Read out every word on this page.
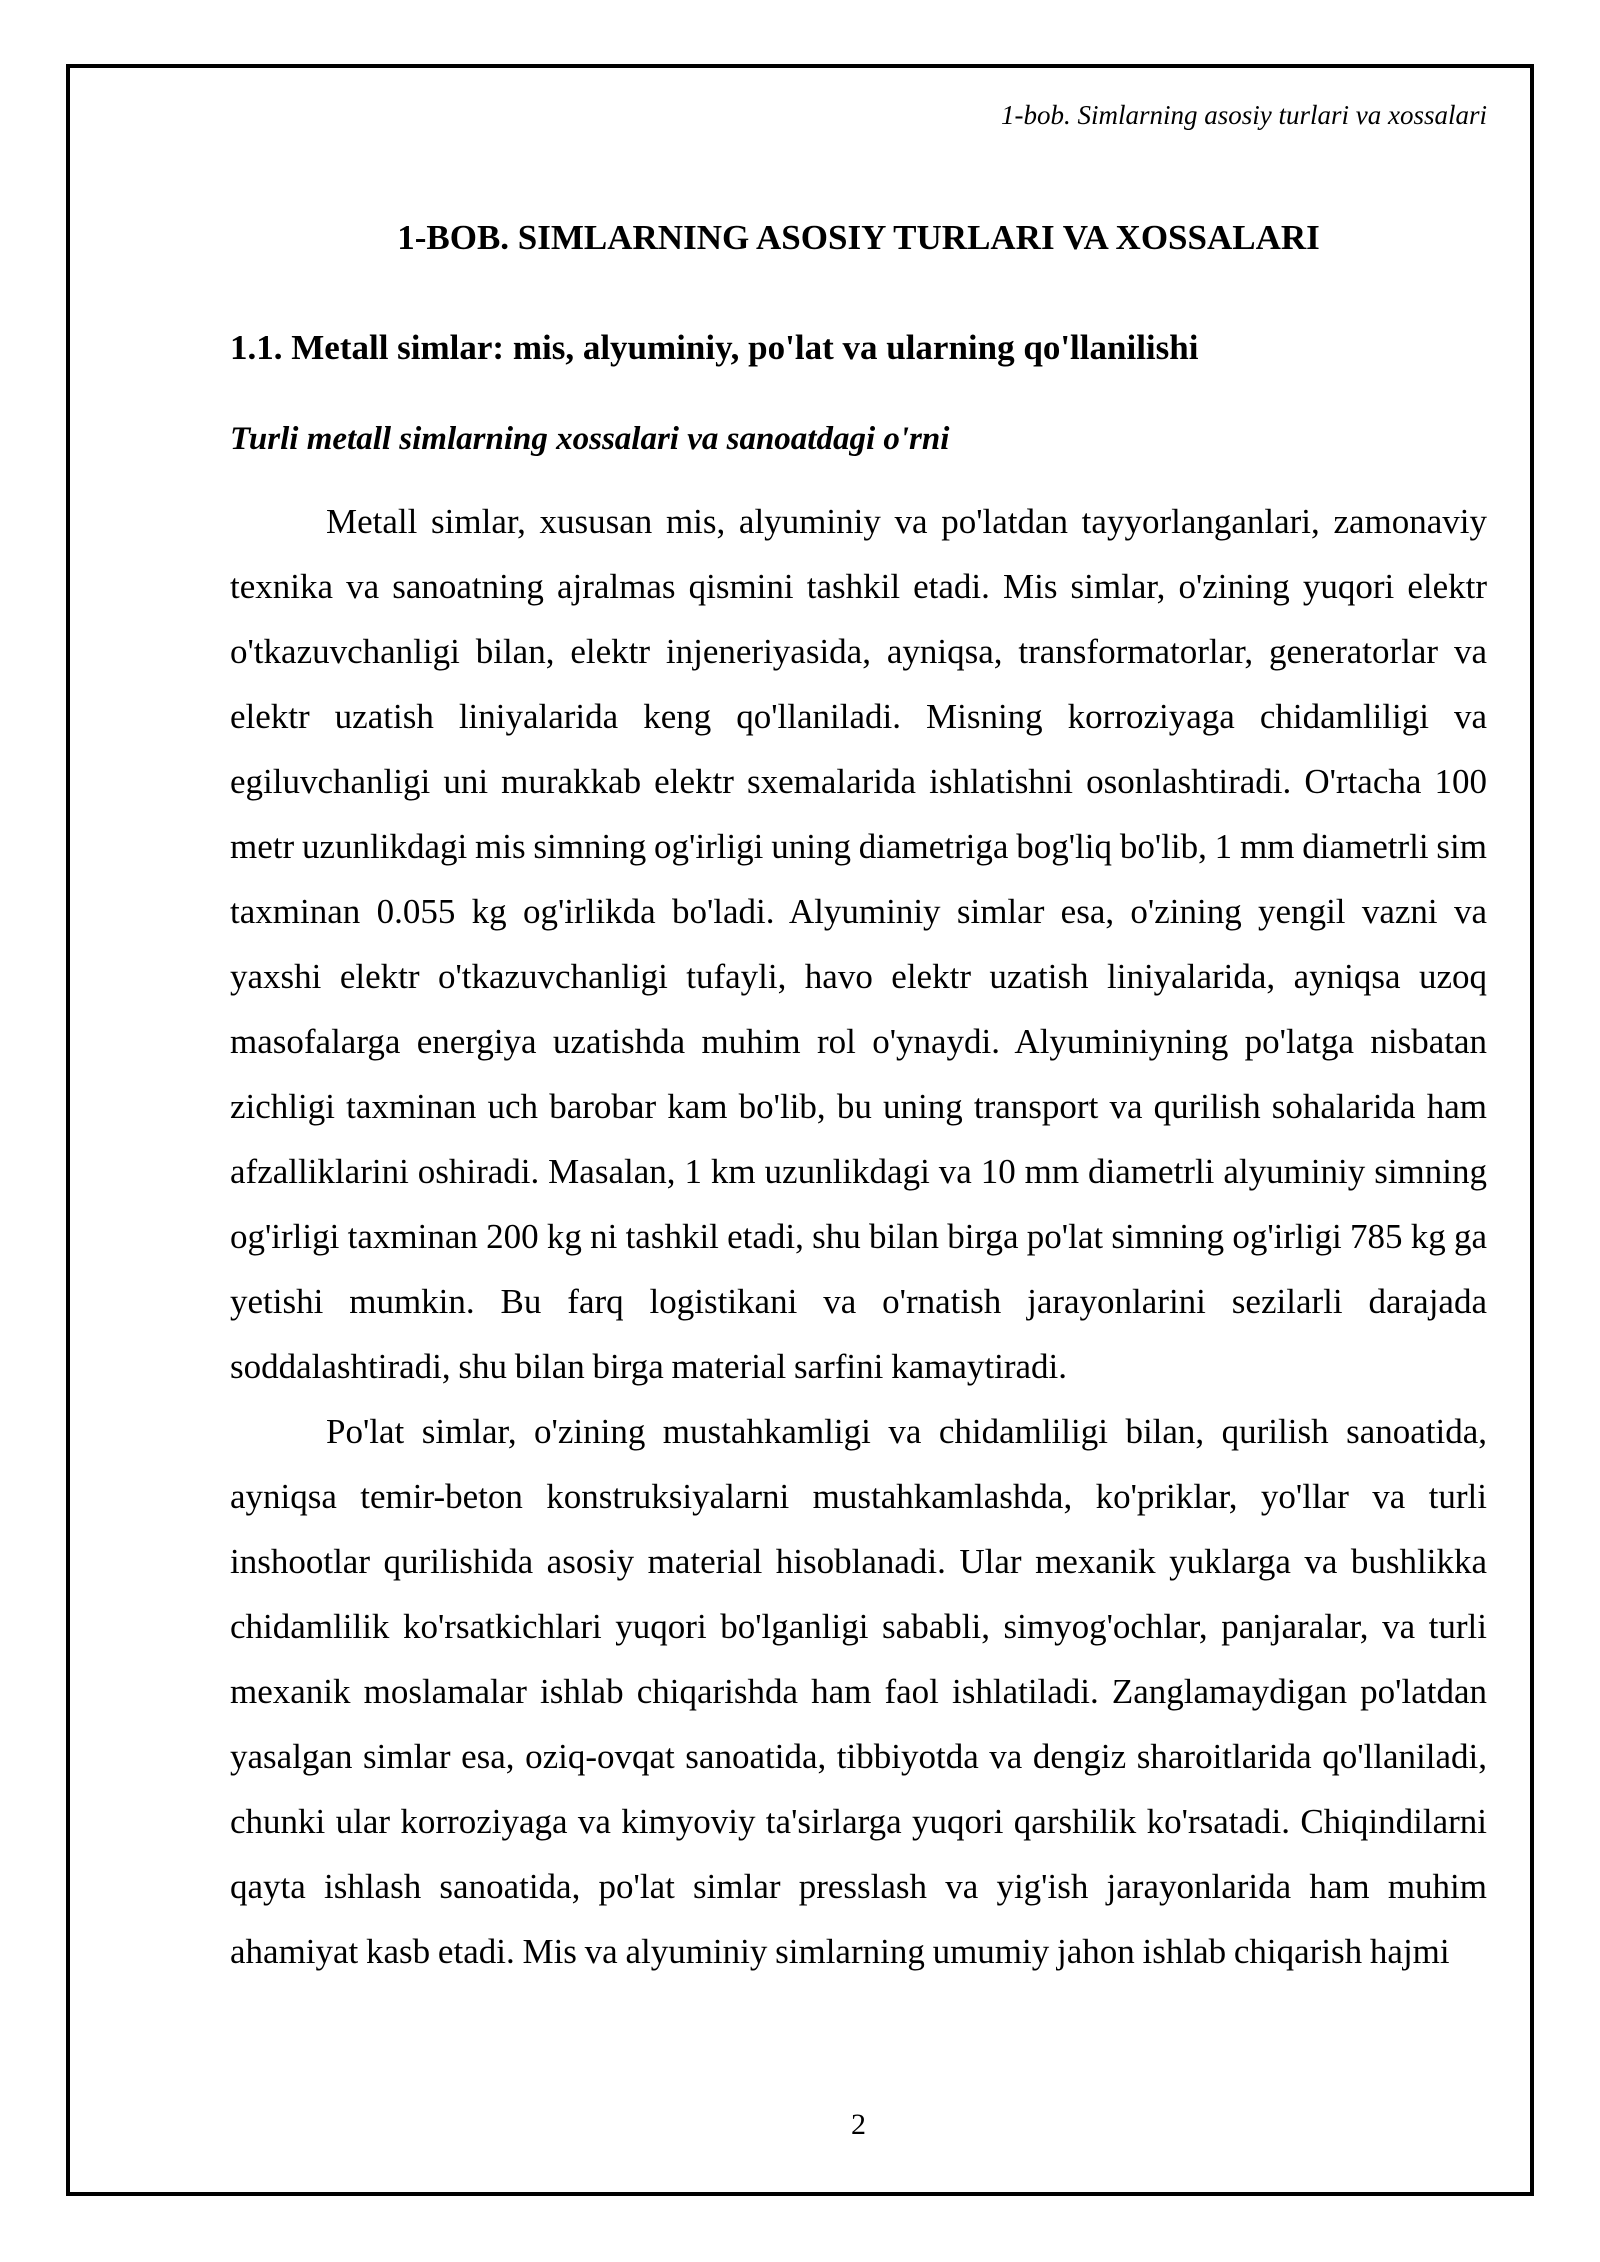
1-bob. Simlarning asosiy turlari va xossalari
1-BOB. SIMLARNING ASOSIY TURLARI VA XOSSALARI
1.1. Metall simlar: mis, alyuminiy, po'lat va ularning qo'llanilishi
Turli metall simlarning xossalari va sanoatdagi o'rni

Metall simlar, xususan mis, alyuminiy va po'latdan tayyorlanganlari, zamonaviy texnika va sanoatning ajralmas qismini tashkil etadi. Mis simlar, o'zining yuqori elektr o'tkazuvchanligi bilan, elektr injeneriyasida, ayniqsa, transformatorlar, generatorlar va elektr uzatish liniyalarida keng qo'llaniladi. Misning korroziyaga chidamliligi va egiluvchanligi uni murakkab elektr sxemalarida ishlatishni osonlashtiradi. O'rtacha 100 metr uzunlikdagi mis simning og'irligi uning diametriga bog'liq bo'lib, 1 mm diametrli sim taxminan 0.055 kg og'irlikda bo'ladi. Alyuminiy simlar esa, o'zining yengil vazni va yaxshi elektr o'tkazuvchanligi tufayli, havo elektr uzatish liniyalarida, ayniqsa uzoq masofalarga energiya uzatishda muhim rol o'ynaydi. Alyuminiyning po'latga nisbatan zichligi taxminan uch barobar kam bo'lib, bu uning transport va qurilish sohalarida ham afzalliklarini oshiradi. Masalan, 1 km uzunlikdagi va 10 mm diametrli alyuminiy simning og'irligi taxminan 200 kg ni tashkil etadi, shu bilan birga po'lat simning og'irligi 785 kg ga yetishi mumkin. Bu farq logistikani va o'rnatish jarayonlarini sezilarli darajada soddalashtiradi, shu bilan birga material sarfini kamaytiradi.

Po'lat simlar, o'zining mustahkamligi va chidamliligi bilan, qurilish sanoatida, ayniqsa temir-beton konstruksiyalarni mustahkamlashda, ko'priklar, yo'llar va turli inshootlar qurilishida asosiy material hisoblanadi. Ular mexanik yuklarga va bushlikka chidamlilik ko'rsatkichlari yuqori bo'lganligi sababli, simyog'ochlar, panjaralar, va turli mexanik moslamalar ishlab chiqarishda ham faol ishlatiladi. Zanglamaydigan po'latdan yasalgan simlar esa, oziq-ovqat sanoatida, tibbiyotda va dengiz sharoitlarida qo'llaniladi, chunki ular korroziyaga va kimyoviy ta'sirlarga yuqori qarshilik ko'rsatadi. Chiqindilarni qayta ishlash sanoatida, po'lat simlar presslash va yig'ish jarayonlarida ham muhim ahamiyat kasb etadi. Mis va alyuminiy simlarning umumiy jahon ishlab chiqarish hajmi

2
